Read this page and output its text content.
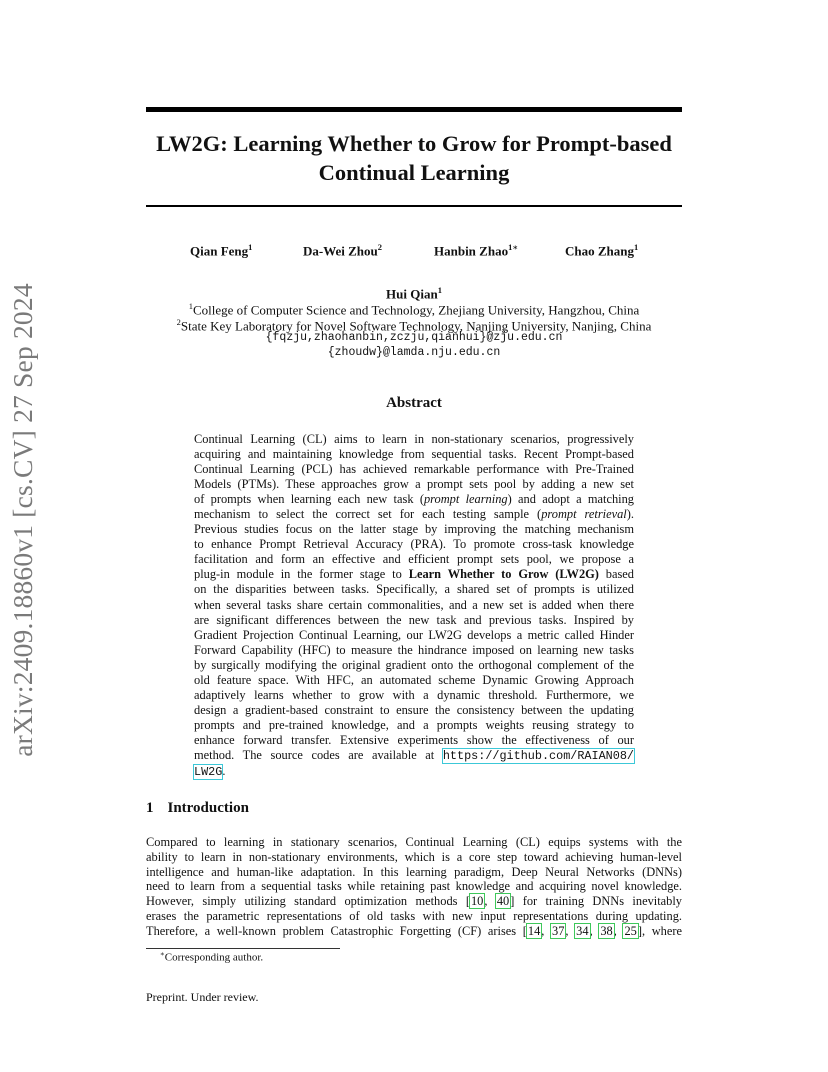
arXiv:2409.18860v1 [cs.CV] 27 Sep 2024
LW2G: Learning Whether to Grow for Prompt-based
Continual Learning
Qian Feng$^1$	Da-Wei Zhou$^2$	Hanbin Zhao$^{1∗}$	Chao Zhang$^1$
Hui Qian$^1$
$^1$College of Computer Science and Technology, Zhejiang University, Hangzhou, China
$^2$State Key Laboratory for Novel Software Technology, Nanjing University, Nanjing, China
{fqzju,zhaohanbin,zczju,qianhui}@zju.edu.cn
{zhoudw}@lamda.nju.edu.cn
Abstract
Continual Learning (CL) aims to learn in non-stationary scenarios, progressively
acquiring and maintaining knowledge from sequential tasks. Recent Prompt-based
Continual Learning (PCL) has achieved remarkable performance with Pre-Trained
Models (PTMs). These approaches grow a prompt sets pool by adding a new set
of prompts when learning each new task (prompt learning) and adopt a matching
mechanism to select the correct set for each testing sample (prompt retrieval).
Previous studies focus on the latter stage by improving the matching mechanism
to enhance Prompt Retrieval Accuracy (PRA). To promote cross-task knowledge
facilitation and form an effective and efficient prompt sets pool, we propose a
plug-in module in the former stage to Learn Whether to Grow (LW2G) based
on the disparities between tasks. Specifically, a shared set of prompts is utilized
when several tasks share certain commonalities, and a new set is added when there
are significant differences between the new task and previous tasks. Inspired by
Gradient Projection Continual Learning, our LW2G develops a metric called Hinder
Forward Capability (HFC) to measure the hindrance imposed on learning new tasks
by surgically modifying the original gradient onto the orthogonal complement of the
old feature space. With HFC, an automated scheme Dynamic Growing Approach
adaptively learns whether to grow with a dynamic threshold. Furthermore, we
design a gradient-based constraint to ensure the consistency between the updating
prompts and pre-trained knowledge, and a prompts weights reusing strategy to
enhance forward transfer. Extensive experiments show the effectiveness of our
method. The source codes are available at https://github.com/RAIAN08/
LW2G.
1 Introduction
Compared to learning in stationary scenarios, Continual Learning (CL) equips systems with the
ability to learn in non-stationary environments, which is a core step toward achieving human-level
intelligence and human-like adaptation. In this learning paradigm, Deep Neural Networks (DNNs)
need to learn from a sequential tasks while retaining past knowledge and acquiring novel knowledge.
However, simply utilizing standard optimization methods [10, 40] for training DNNs inevitably
erases the parametric representations of old tasks with new input representations during updating.
Therefore, a well-known problem Catastrophic Forgetting (CF) arises [14, 37, 34, 38, 25], where
∗Corresponding author.
Preprint. Under review.
